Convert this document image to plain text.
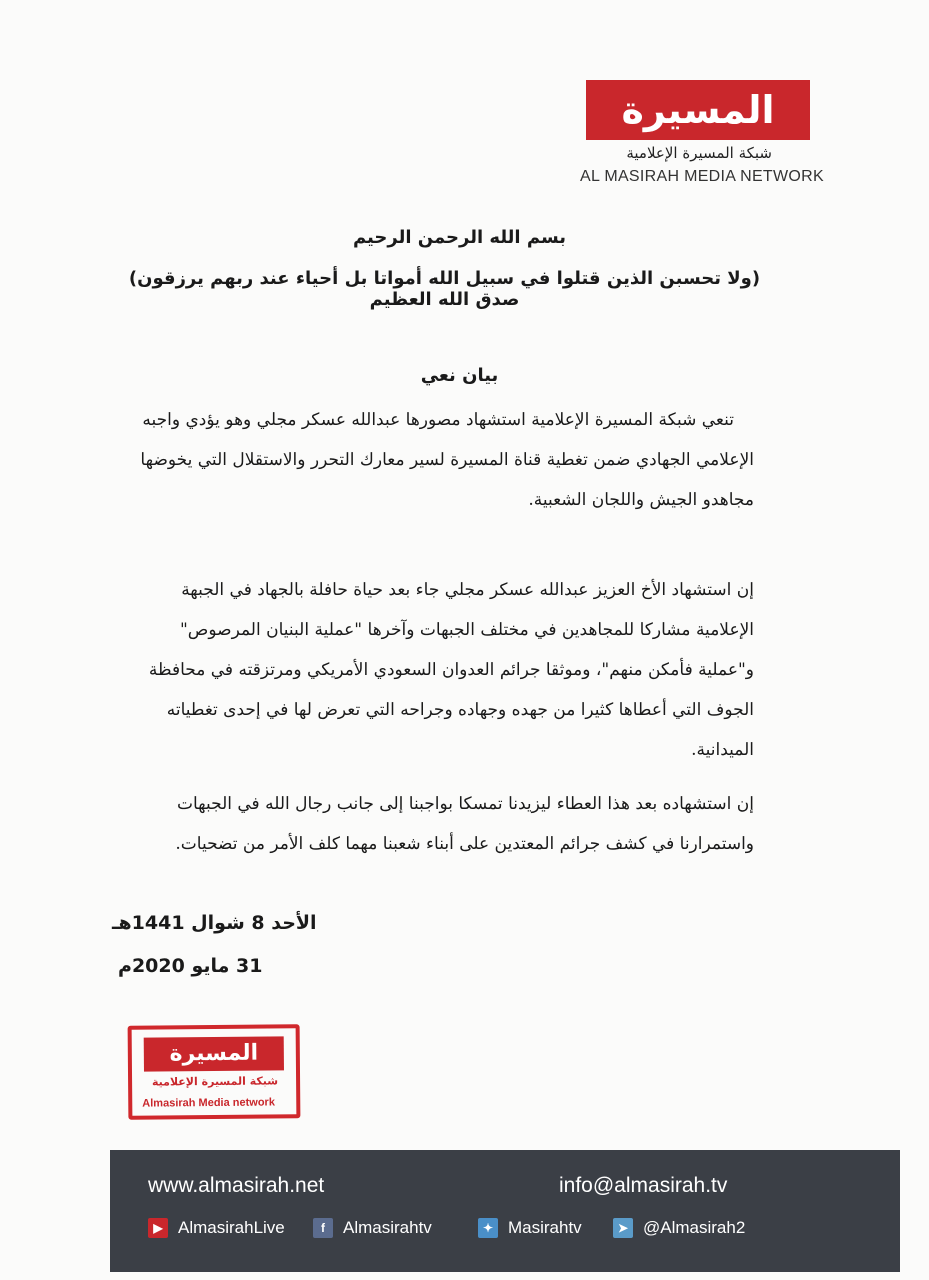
المسيرة
شبكة المسيرة الإعلامية
AL MASIRAH MEDIA NETWORK
بسم الله الرحمن الرحيم
(ولا تحسبن الذين قتلوا في سبيل الله أمواتا بل أحياء عند ربهم يرزقون) صدق الله العظيم
بيان نعي
تنعي شبكة المسيرة الإعلامية استشهاد مصورها عبدالله عسكر مجلي وهو يؤدي واجبه الإعلامي الجهادي ضمن تغطية قناة المسيرة لسير معارك التحرر والاستقلال التي يخوضها مجاهدو الجيش واللجان الشعبية.
إن استشهاد الأخ العزيز عبدالله عسكر مجلي جاء بعد حياة حافلة بالجهاد في الجبهة الإعلامية مشاركا للمجاهدين في مختلف الجبهات وآخرها "عملية البنيان المرصوص" و"عملية فأمكن منهم"، وموثقا جرائم العدوان السعودي الأمريكي ومرتزقته في محافظة الجوف التي أعطاها كثيرا من جهده وجهاده وجراحه التي تعرض لها في إحدى تغطياته الميدانية.
إن استشهاده بعد هذا العطاء ليزيدنا تمسكا بواجبنا إلى جانب رجال الله في الجبهات واستمرارنا في كشف جرائم المعتدين على أبناء شعبنا مهما كلف الأمر من تضحيات.
الأحد 8 شوال 1441هـ
31 مايو 2020م
المسيرة
شبكة المسيرة الإعلامية
Almasirah Media network
www.almasirah.net	info@almasirah.tv
▶ AlmasirahLive	f	Almasirahtv	✦ Masirahtv	➤ @Almasirah2
